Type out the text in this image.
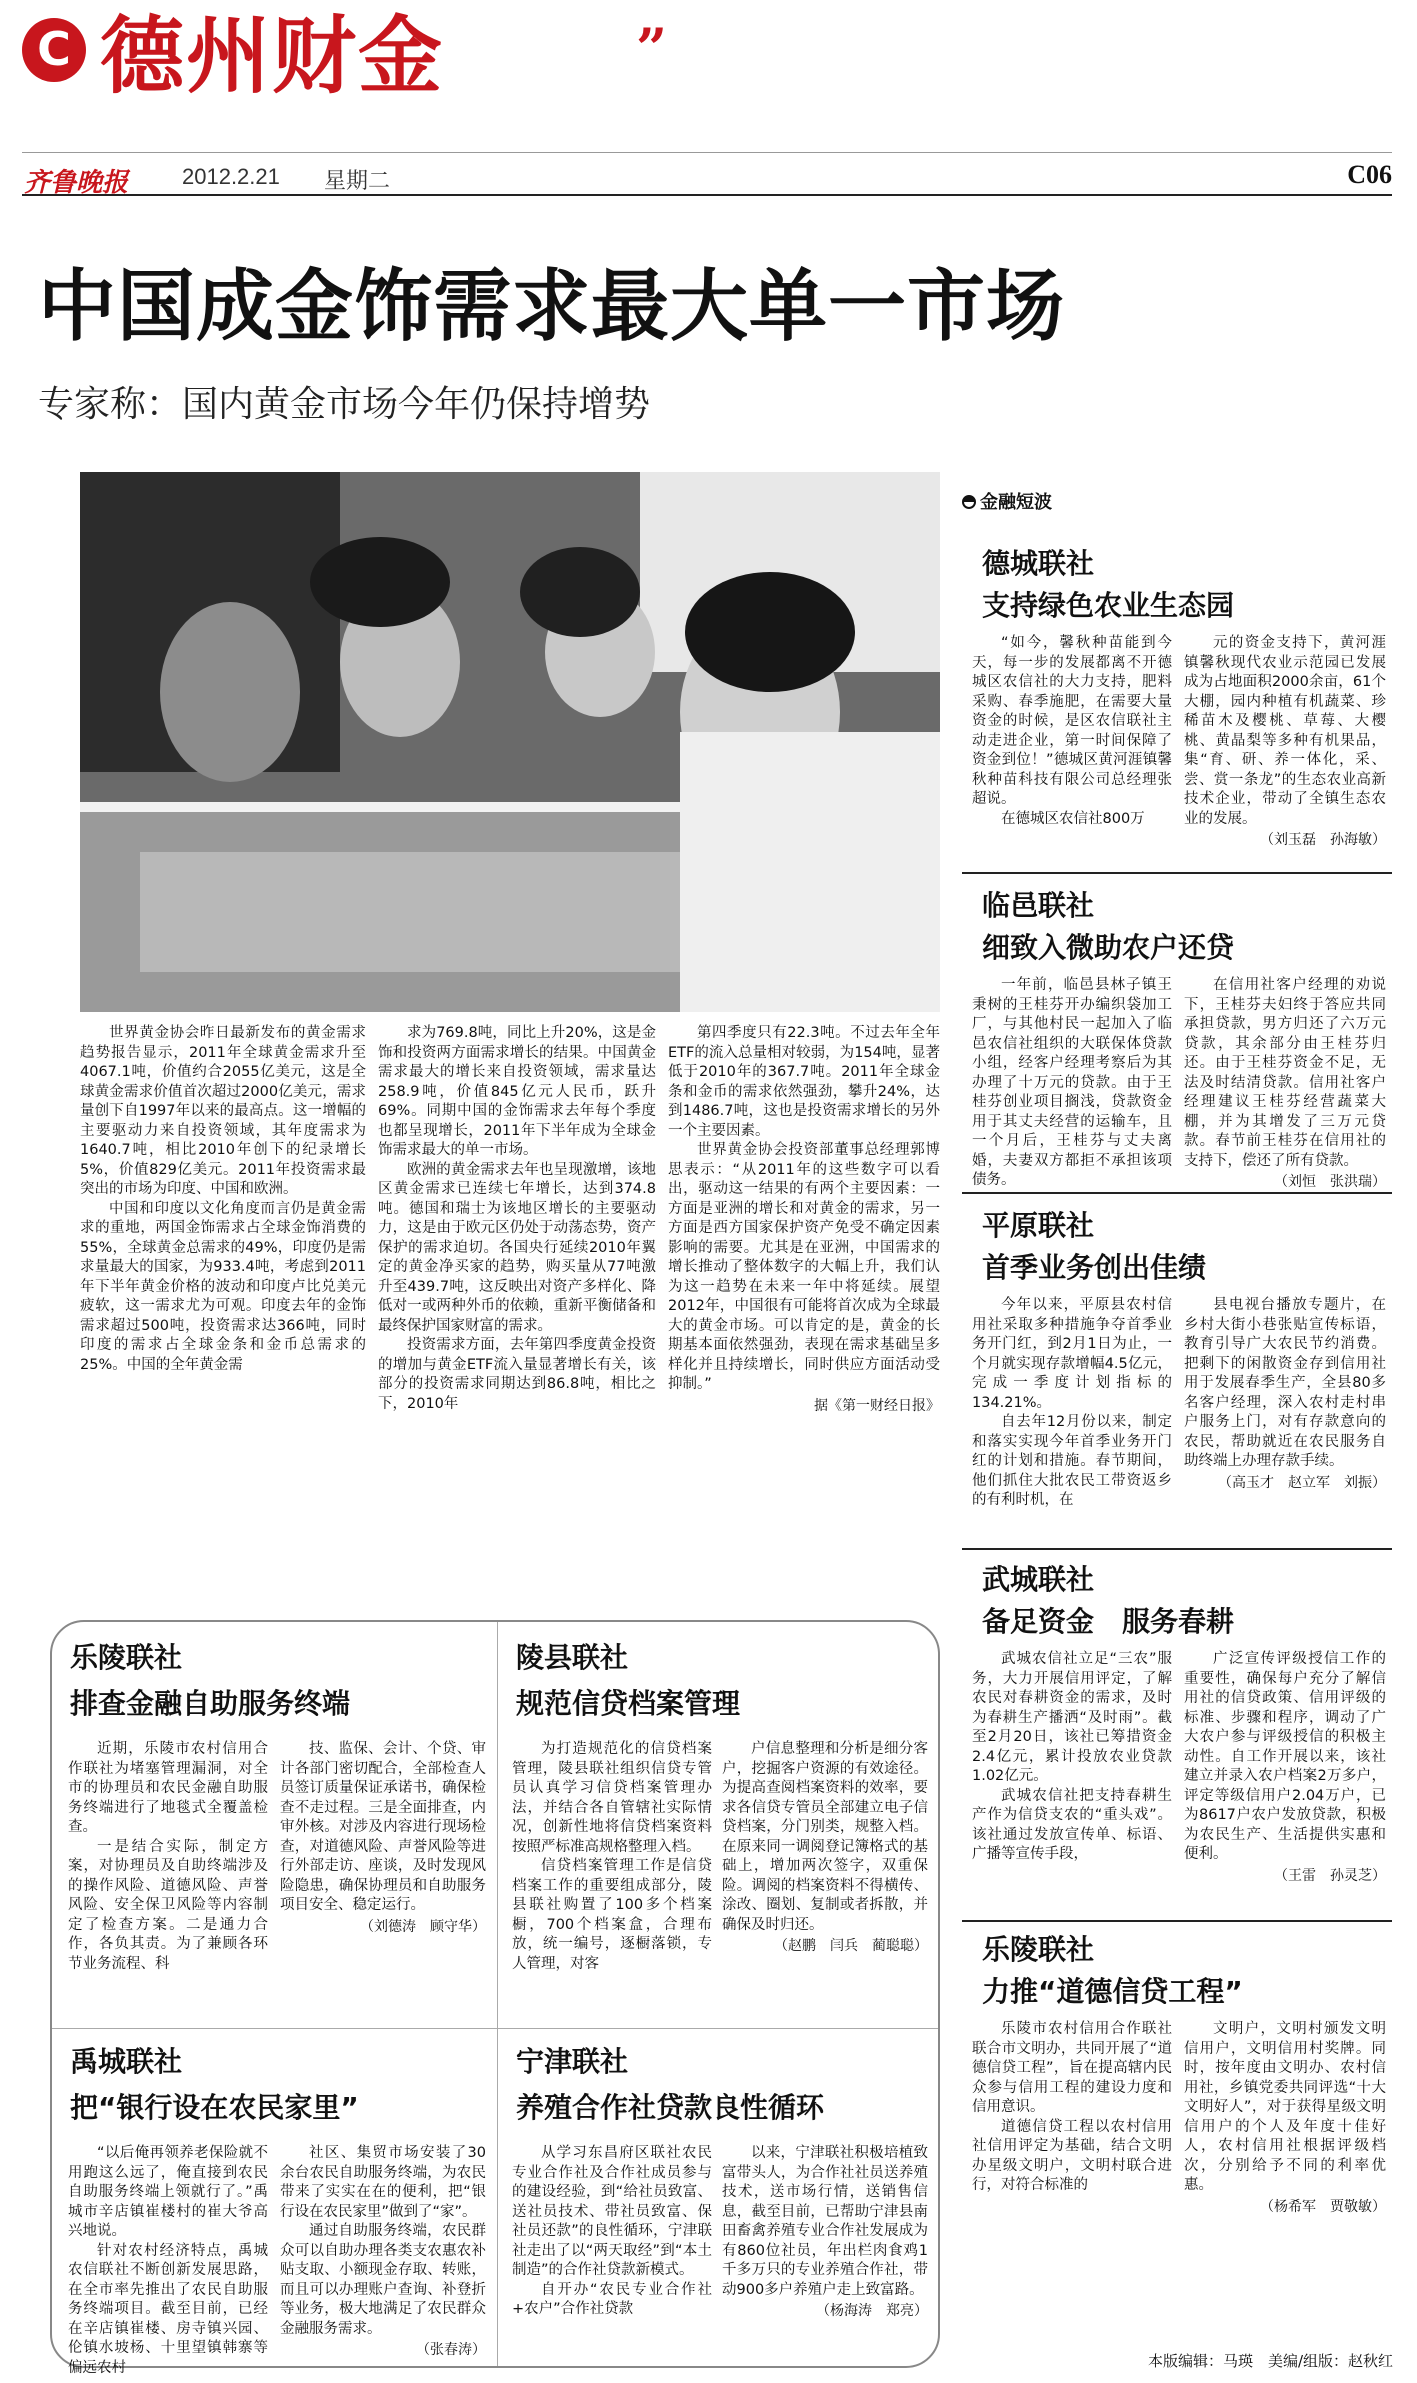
C 德州财金	”
齐鲁晚报 2012.2.21 星期二	C06
中国成金饰需求最大单一市场
专家称：国内黄金市场今年仍保持增势

世界黄金协会昨日最新发布的黄金需求趋势报告显示，2011年全球黄金需求升至4067.1吨，价值约合2055亿美元，这是全球黄金需求价值首次超过2000亿美元，需求量创下自1997年以来的最高点。这一增幅的主要驱动力来自投资领域，其年度需求为1640.7吨，相比2010年创下的纪录增长5%，价值829亿美元。2011年投资需求最突出的市场为印度、中国和欧洲。

中国和印度以文化角度而言仍是黄金需求的重地，两国金饰需求占全球金饰消费的55%，全球黄金总需求的49%，印度仍是需求量最大的国家，为933.4吨，考虑到2011年下半年黄金价格的波动和印度卢比兑美元疲软，这一需求尤为可观。印度去年的金饰需求超过500吨，投资需求达366吨，同时印度的需求占全球金条和金币总需求的25%。中国的全年黄金需

求为769.8吨，同比上升20%，这是金饰和投资两方面需求增长的结果。中国黄金需求最大的增长来自投资领域，需求量达258.9吨，价值845亿元人民币，跃升69%。同期中国的金饰需求去年每个季度也都呈现增长，2011年下半年成为全球金饰需求最大的单一市场。

欧洲的黄金需求去年也呈现激增，该地区黄金需求已连续七年增长，达到374.8吨。德国和瑞士为该地区增长的主要驱动力，这是由于欧元区仍处于动荡态势，资产保护的需求迫切。各国央行延续2010年翼定的黄金净买家的趋势，购买量从77吨激升至439.7吨，这反映出对资产多样化、降低对一或两种外币的依赖，重新平衡储备和最终保护国家财富的需求。

投资需求方面，去年第四季度黄金投资的增加与黄金ETF流入量显著增长有关，该部分的投资需求同期达到86.8吨，相比之下，2010年

第四季度只有22.3吨。不过去年全年ETF的流入总量相对较弱，为154吨，显著低于2010年的367.7吨。2011年全球金条和金币的需求依然强劲，攀升24%，达到1486.7吨，这也是投资需求增长的另外一个主要因素。

世界黄金协会投资部董事总经理郭博思表示：“从2011年的这些数字可以看出，驱动这一结果的有两个主要因素：一方面是亚洲的增长和对黄金的需求，另一方面是西方国家保护资产免受不确定因素影响的需要。尤其是在亚洲，中国需求的增长推动了整体数字的大幅上升，我们认为这一趋势在未来一年中将延续。展望2012年，中国很有可能将首次成为全球最大的黄金市场。可以肯定的是，黄金的长期基本面依然强劲，表现在需求基础呈多样化并且持续增长，同时供应方面活动受抑制。”

据《第一财经日报》
金融短波
德城联社
支持绿色农业生态园

“如今，馨秋种苗能到今天，每一步的发展都离不开德城区农信社的大力支持，肥料采购、春季施肥，在需要大量资金的时候，是区农信联社主动走进企业，第一时间保障了资金到位！”德城区黄河涯镇馨秋种苗科技有限公司总经理张超说。

在德城区农信社800万

元的资金支持下，黄河涯镇馨秋现代农业示范园已发展成为占地面积2000余亩，61个大棚，园内种植有机蔬菜、珍稀苗木及樱桃、草莓、大樱桃、黄晶梨等多种有机果品，集“育、研、养一体化，采、尝、赏一条龙”的生态农业高新技术企业，带动了全镇生态农业的发展。

（刘玉磊　孙海敏）
临邑联社
细致入微助农户还贷

一年前，临邑县林子镇王秉树的王桂芬开办编织袋加工厂，与其他村民一起加入了临邑农信社组织的大联保体贷款小组，经客户经理考察后为其办理了十万元的贷款。由于王桂芬创业项目搁浅，贷款资金用于其丈夫经营的运输车，且一个月后，王桂芬与丈夫离婚，夫妻双方都拒不承担该项债务。

在信用社客户经理的劝说下，王桂芬夫妇终于答应共同承担贷款，男方归还了六万元贷款，其余部分由王桂芬归还。由于王桂芬资金不足，无法及时结清贷款。信用社客户经理建议王桂芬经营蔬菜大棚，并为其增发了三万元贷款。春节前王桂芬在信用社的支持下，偿还了所有贷款。

（刘恒　张洪瑞）
平原联社
首季业务创出佳绩

今年以来，平原县农村信用社采取多种措施争夺首季业务开门红，到2月1日为止，一个月就实现存款增幅4.5亿元，完成一季度计划指标的134.21%。

自去年12月份以来，制定和落实实现今年首季业务开门红的计划和措施。春节期间，他们抓住大批农民工带资返乡的有利时机，在

县电视台播放专题片，在乡村大街小巷张贴宣传标语，教育引导广大农民节约消费。把剩下的闲散资金存到信用社用于发展春季生产，全县80多名客户经理，深入农村走村串户服务上门，对有存款意向的农民，帮助就近在农民服务自助终端上办理存款手续。

（高玉才　赵立军　刘振）
武城联社
备足资金　服务春耕

武城农信社立足“三农”服务，大力开展信用评定，了解农民对春耕资金的需求，及时为春耕生产播洒“及时雨”。截至2月20日，该社已筹措资金2.4亿元，累计投放农业贷款1.02亿元。

武城农信社把支持春耕生产作为信贷支农的“重头戏”。该社通过发放宣传单、标语、广播等宣传手段，

广泛宣传评级授信工作的重要性，确保每户充分了解信用社的信贷政策、信用评级的标准、步骤和程序，调动了广大农户参与评级授信的积极主动性。自工作开展以来，该社建立并录入农户档案2万多户，评定等级信用户2.04万户，已为8617户农户发放贷款，积极为农民生产、生活提供实惠和便利。

（王雷　孙灵芝）
乐陵联社
力推“道德信贷工程”

乐陵市农村信用合作联社联合市文明办，共同开展了“道德信贷工程”，旨在提高辖内民众参与信用工程的建设力度和信用意识。

道德信贷工程以农村信用社信用评定为基础，结合文明办星级文明户，文明村联合进行，对符合标准的

文明户，文明村颁发文明信用户，文明信用村奖牌。同时，按年度由文明办、农村信用社，乡镇党委共同评选“十大文明好人”，对于获得星级文明信用户的个人及年度十佳好人，农村信用社根据评级档次，分别给予不同的利率优惠。

（杨希军　贾敬敏）
乐陵联社
排查金融自助服务终端

近期，乐陵市农村信用合作联社为堵塞管理漏洞，对全市的协理员和农民金融自助服务终端进行了地毯式全覆盖检查。

一是结合实际，制定方案，对协理员及自助终端涉及的操作风险、道德风险、声誉风险、安全保卫风险等内容制定了检查方案。二是通力合作，各负其责。为了兼顾各环节业务流程、科

技、监保、会计、个贷、审计各部门密切配合，全部检查人员签订质量保证承诺书，确保检查不走过程。三是全面排查，内审外核。对涉及内容进行现场检查，对道德风险、声誉风险等进行外部走访、座谈，及时发现风险隐患，确保协理员和自助服务项目安全、稳定运行。

（刘德涛　顾守华）
陵县联社
规范信贷档案管理

为打造规范化的信贷档案管理，陵县联社组织信贷专管员认真学习信贷档案管理办法，并结合各自管辖社实际情况，创新性地将信贷档案资料按照严标准高规格整理入档。

信贷档案管理工作是信贷档案工作的重要组成部分，陵县联社购置了100多个档案橱，700个档案盒，合理布放，统一编号，逐橱落锁，专人管理，对客

户信息整理和分析是细分客户，挖掘客户资源的有效途径。为提高查阅档案资料的效率，要求各信贷专管员全部建立电子信贷档案，分门别类，规整入档。在原来同一调阅登记簿格式的基础上，增加两次签字，双重保险。调阅的档案资料不得横传、涂改、圈划、复制或者拆散，并确保及时归还。

（赵鹏　闫兵　蔺聪聪）
禹城联社
把“银行设在农民家里”

“以后俺再领养老保险就不用跑这么远了，俺直接到农民自助服务终端上领就行了。”禹城市辛店镇崔楼村的崔大爷高兴地说。

针对农村经济特点，禹城农信联社不断创新发展思路，在全市率先推出了农民自助服务终端项目。截至目前，已经在辛店镇崔楼、房寺镇兴园、伦镇水坡杨、十里望镇韩寨等偏远农村

社区、集贸市场安装了30余台农民自助服务终端，为农民带来了实实在在的便利，把“银行设在农民家里”做到了“家”。

通过自助服务终端，农民群众可以自助办理各类支农惠农补贴支取、小额现金存取、转账，而且可以办理账户查询、补登折等业务，极大地满足了农民群众金融服务需求。

（张春涛）
宁津联社
养殖合作社贷款良性循环

从学习东昌府区联社农民专业合作社及合作社成员参与的建设经验，到“给社员致富、送社员技术、带社员致富、保社员还款”的良性循环，宁津联社走出了以“两天取经”到“本土制造”的合作社贷款新模式。

自开办“农民专业合作社+农户”合作社贷款

以来，宁津联社积极培植致富带头人，为合作社社员送养殖技术，送市场行情，送销售信息，截至目前，已帮助宁津县南田畜禽养殖专业合作社发展成为有860位社员，年出栏肉食鸡1千多万只的专业养殖合作社，带动900多户养殖户走上致富路。

（杨海涛　郑亮）
本版编辑：马瑛　美编/组版：赵秋红
